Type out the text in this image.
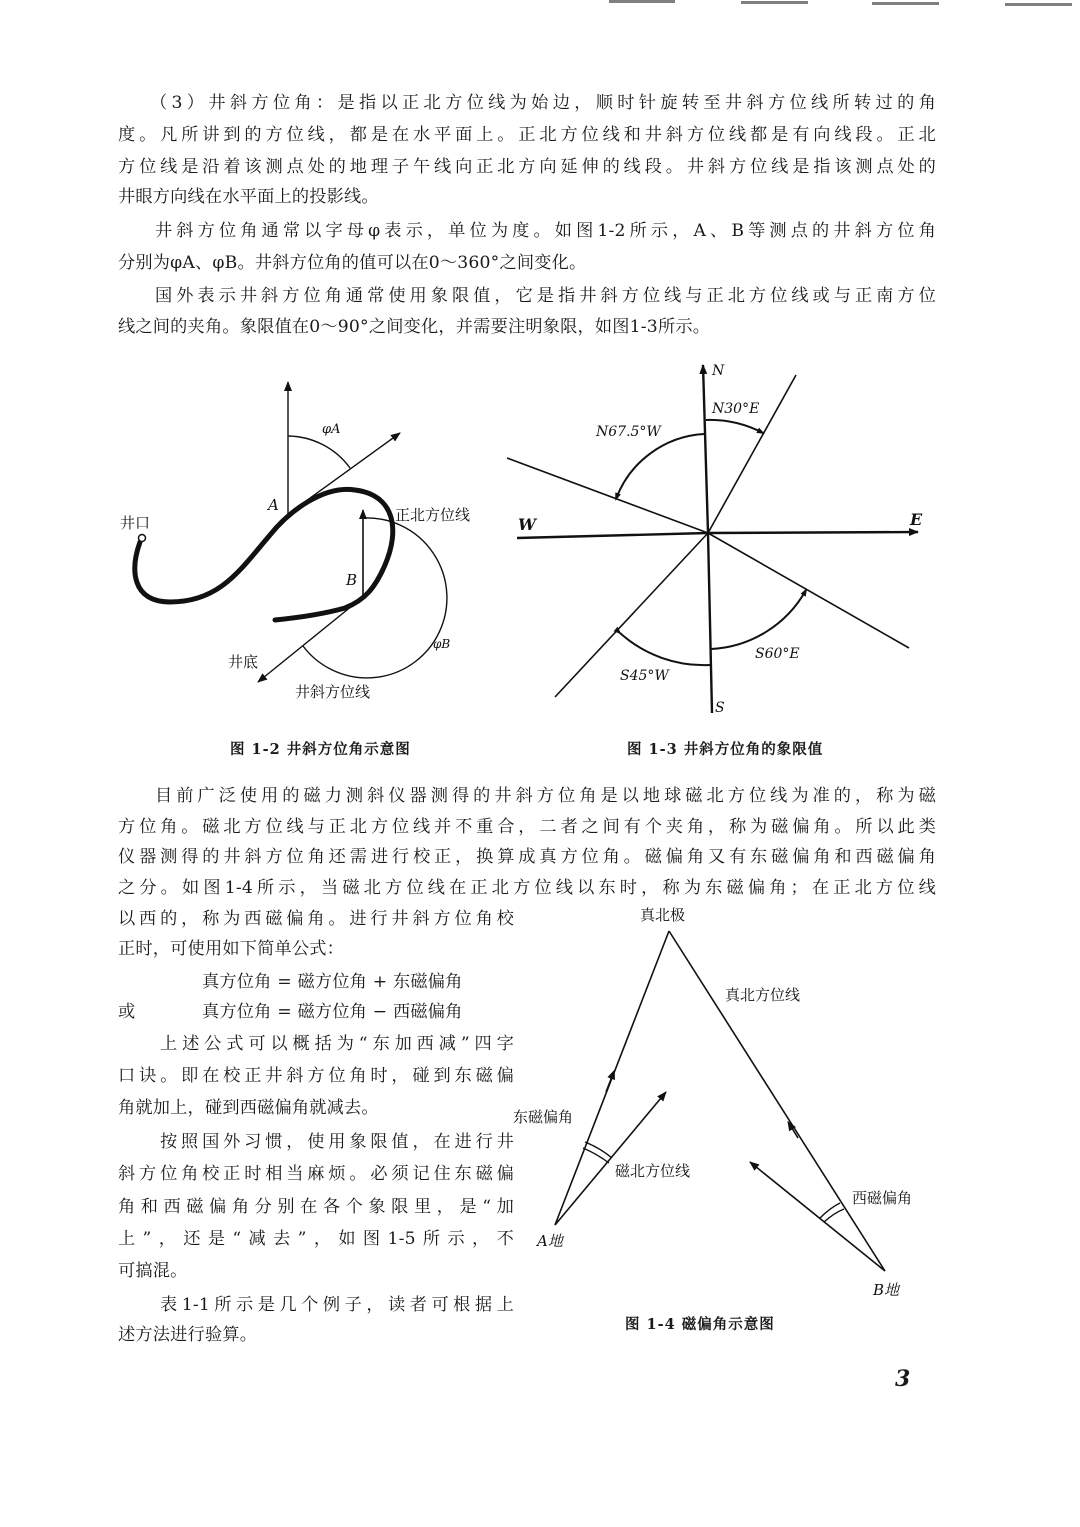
（3）井斜方位角：是指以正北方位线为始边，顺时针旋转至井斜方位线所转过的角
度。凡所讲到的方位线，都是在水平面上。正北方位线和井斜方位线都是有向线段。正北
方位线是沿着该测点处的地理子午线向正北方向延伸的线段。井斜方位线是指该测点处的
井眼方向线在水平面上的投影线。
井斜方位角通常以字母φ表示，单位为度。如图1-2所示，A、B等测点的井斜方位角
分别为φA、φB。井斜方位角的值可以在0～360°之间变化。
国外表示井斜方位角通常使用象限值，它是指井斜方位线与正北方位线或与正南方位
线之间的夹角。象限值在0～90°之间变化，并需要注明象限，如图1-3所示。
φA
A
井口	正北方位线
B
φB
井底
井斜方位线
N
N30°E
N67.5°W
W	E
S60°E
S45°W
S
图 1-2 井斜方位角示意图	图 1-3 井斜方位角的象限值
目前广泛使用的磁力测斜仪器测得的井斜方位角是以地球磁北方位线为准的，称为磁
方位角。磁北方位线与正北方位线并不重合，二者之间有个夹角，称为磁偏角。所以此类
仪器测得的井斜方位角还需进行校正，换算成真方位角。磁偏角又有东磁偏角和西磁偏角
之分。如图1-4所示，当磁北方位线在正北方位线以东时，称为东磁偏角；在正北方位线
以西的，称为西磁偏角。进行井斜方位角校
正时，可使用如下简单公式：
真方位角 = 磁方位角 + 东磁偏角
或	真方位角 = 磁方位角 − 西磁偏角
上述公式可以概括为“东加西减”四字
口诀。即在校正井斜方位角时，碰到东磁偏
角就加上，碰到西磁偏角就减去。
按照国外习惯，使用象限值，在进行井
斜方位角校正时相当麻烦。必须记住东磁偏
角和西磁偏角分别在各个象限里，是“加
上”，还是“减去”，如图1-5所示，不
可搞混。
表1-1所示是几个例子，读者可根据上
述方法进行验算。
真北极
真北方位线
东磁偏角
磁北方位线
西磁偏角
A地
B地
图 1-4 磁偏角示意图
3
